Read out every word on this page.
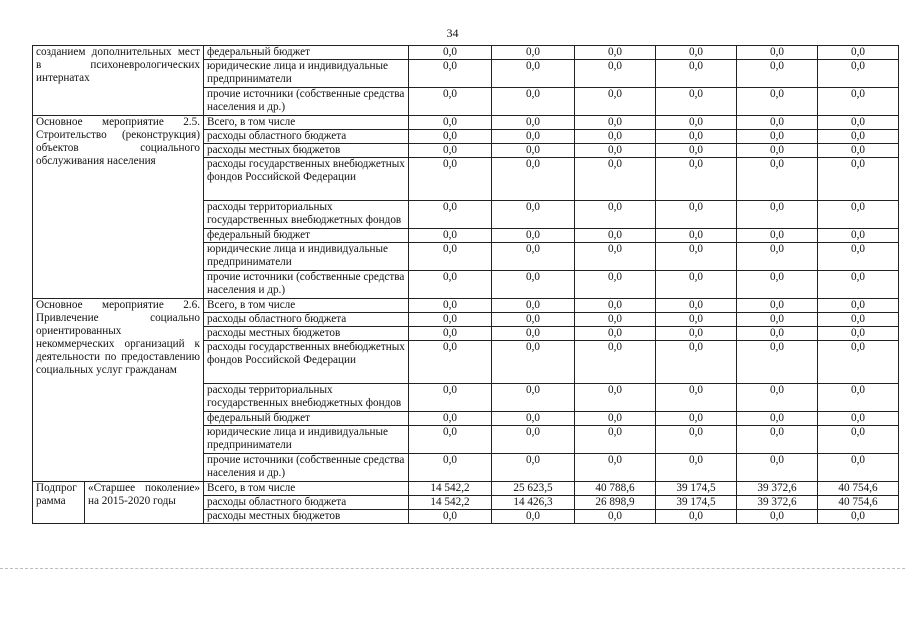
34
созданием дополнительных мест в психоневрологических интернатах		федеральный бюджет	0,0	0,0	0,0	0,0	0,0	0,0
		юридические лица и индивидуальные предприниматели	0,0	0,0	0,0	0,0	0,0	0,0
		прочие источники (собственные средства населения и др.)	0,0	0,0	0,0	0,0	0,0	0,0
Основное мероприятие 2.5. Строительство (реконструкция) объектов социального обслуживания населения		Всего, в том числе	0,0	0,0	0,0	0,0	0,0	0,0
		расходы областного бюджета	0,0	0,0	0,0	0,0	0,0	0,0
		расходы местных бюджетов	0,0	0,0	0,0	0,0	0,0	0,0
		расходы государственных внебюджетных фондов Российской Федерации	0,0	0,0	0,0	0,0	0,0	0,0
		расходы территориальных государственных внебюджетных фондов	0,0	0,0	0,0	0,0	0,0	0,0
		федеральный бюджет	0,0	0,0	0,0	0,0	0,0	0,0
		юридические лица и индивидуальные предприниматели	0,0	0,0	0,0	0,0	0,0	0,0
		прочие источники (собственные средства населения и др.)	0,0	0,0	0,0	0,0	0,0	0,0
Основное мероприятие 2.6. Привлечение социально ориентированных некоммерческих организаций к деятельности по предоставлению социальных услуг гражданам		Всего, в том числе	0,0	0,0	0,0	0,0	0,0	0,0
		расходы областного бюджета	0,0	0,0	0,0	0,0	0,0	0,0
		расходы местных бюджетов	0,0	0,0	0,0	0,0	0,0	0,0
		расходы государственных внебюджетных фондов Российской Федерации	0,0	0,0	0,0	0,0	0,0	0,0
		расходы территориальных государственных внебюджетных фондов	0,0	0,0	0,0	0,0	0,0	0,0
		федеральный бюджет	0,0	0,0	0,0	0,0	0,0	0,0
		юридические лица и индивидуальные предприниматели	0,0	0,0	0,0	0,0	0,0	0,0
		прочие источники (собственные средства населения и др.)	0,0	0,0	0,0	0,0	0,0	0,0
Подпрограмма	«Старшее поколение» на 2015-2020 годы	Всего, в том числе	14 542,2	25 623,5	40 788,6	39 174,5	39 372,6	40 754,6
		расходы областного бюджета	14 542,2	14 426,3	26 898,9	39 174,5	39 372,6	40 754,6
		расходы местных бюджетов	0,0	0,0	0,0	0,0	0,0	0,0
